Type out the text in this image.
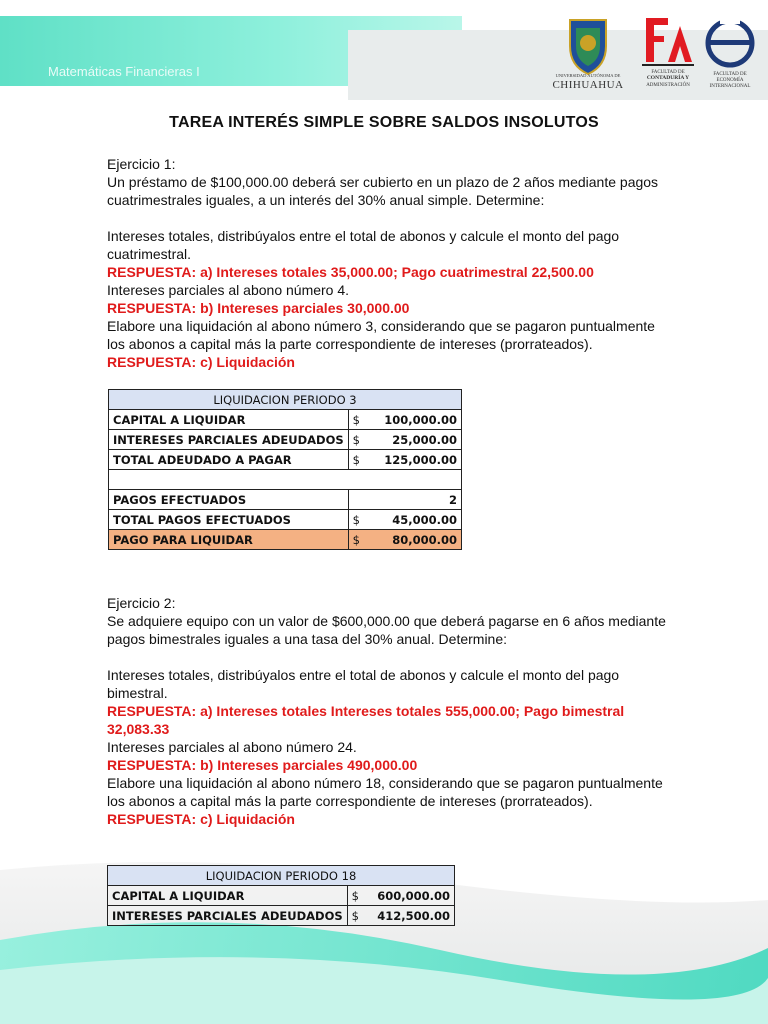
Matemáticas Financieras I	UNIVERSIDAD AUTÓNOMA DE
CHIHUAHUA
FACULTAD DE
CONTADURÍA Y
ADMINISTRACIÓN
FACULTAD DE
ECONOMÍA
INTERNACIONAL
TAREA INTERÉS SIMPLE SOBRE SALDOS INSOLUTOS

Ejercicio 1:

Un préstamo de $100,000.00 deberá ser cubierto en un plazo de 2 años mediante pagos cuatrimestrales iguales, a un interés del 30% anual simple. Determine:

Intereses totales, distribúyalos entre el total de abonos y calcule el monto del pago cuatrimestral.

RESPUESTA: a) Intereses totales 35,000.00; Pago cuatrimestral 22,500.00

Intereses parciales al abono número 4.

RESPUESTA: b) Intereses parciales 30,000.00

Elabore una liquidación al abono número 3, considerando que se pagaron puntualmente los abonos a capital más la parte correspondiente de intereses (prorrateados).

RESPUESTA: c) Liquidación

LIQUIDACION PERIODO 3		
CAPITAL A LIQUIDAR	$	100,000.00
INTERESES PARCIALES ADEUDADOS	$	25,000.00
TOTAL ADEUDADO A PAGAR	$	125,000.00

PAGOS EFECTUADOS	2	
TOTAL PAGOS EFECTUADOS	$	45,000.00
PAGO PARA LIQUIDAR	$	80,000.00

Ejercicio 2:

Se adquiere equipo con un valor de $600,000.00 que deberá pagarse en 6 años mediante pagos bimestrales iguales a una tasa del 30% anual. Determine:

Intereses totales, distribúyalos entre el total de abonos y calcule el monto del pago bimestral.

RESPUESTA: a) Intereses totales Intereses totales 555,000.00; Pago bimestral 32,083.33

Intereses parciales al abono número 24.

RESPUESTA: b) Intereses parciales 490,000.00

Elabore una liquidación al abono número 18, considerando que se pagaron puntualmente los abonos a capital más la parte correspondiente de intereses (prorrateados).

RESPUESTA: c) Liquidación

LIQUIDACION PERIODO 18		
CAPITAL A LIQUIDAR	$	600,000.00
INTERESES PARCIALES ADEUDADOS	$	412,500.00
